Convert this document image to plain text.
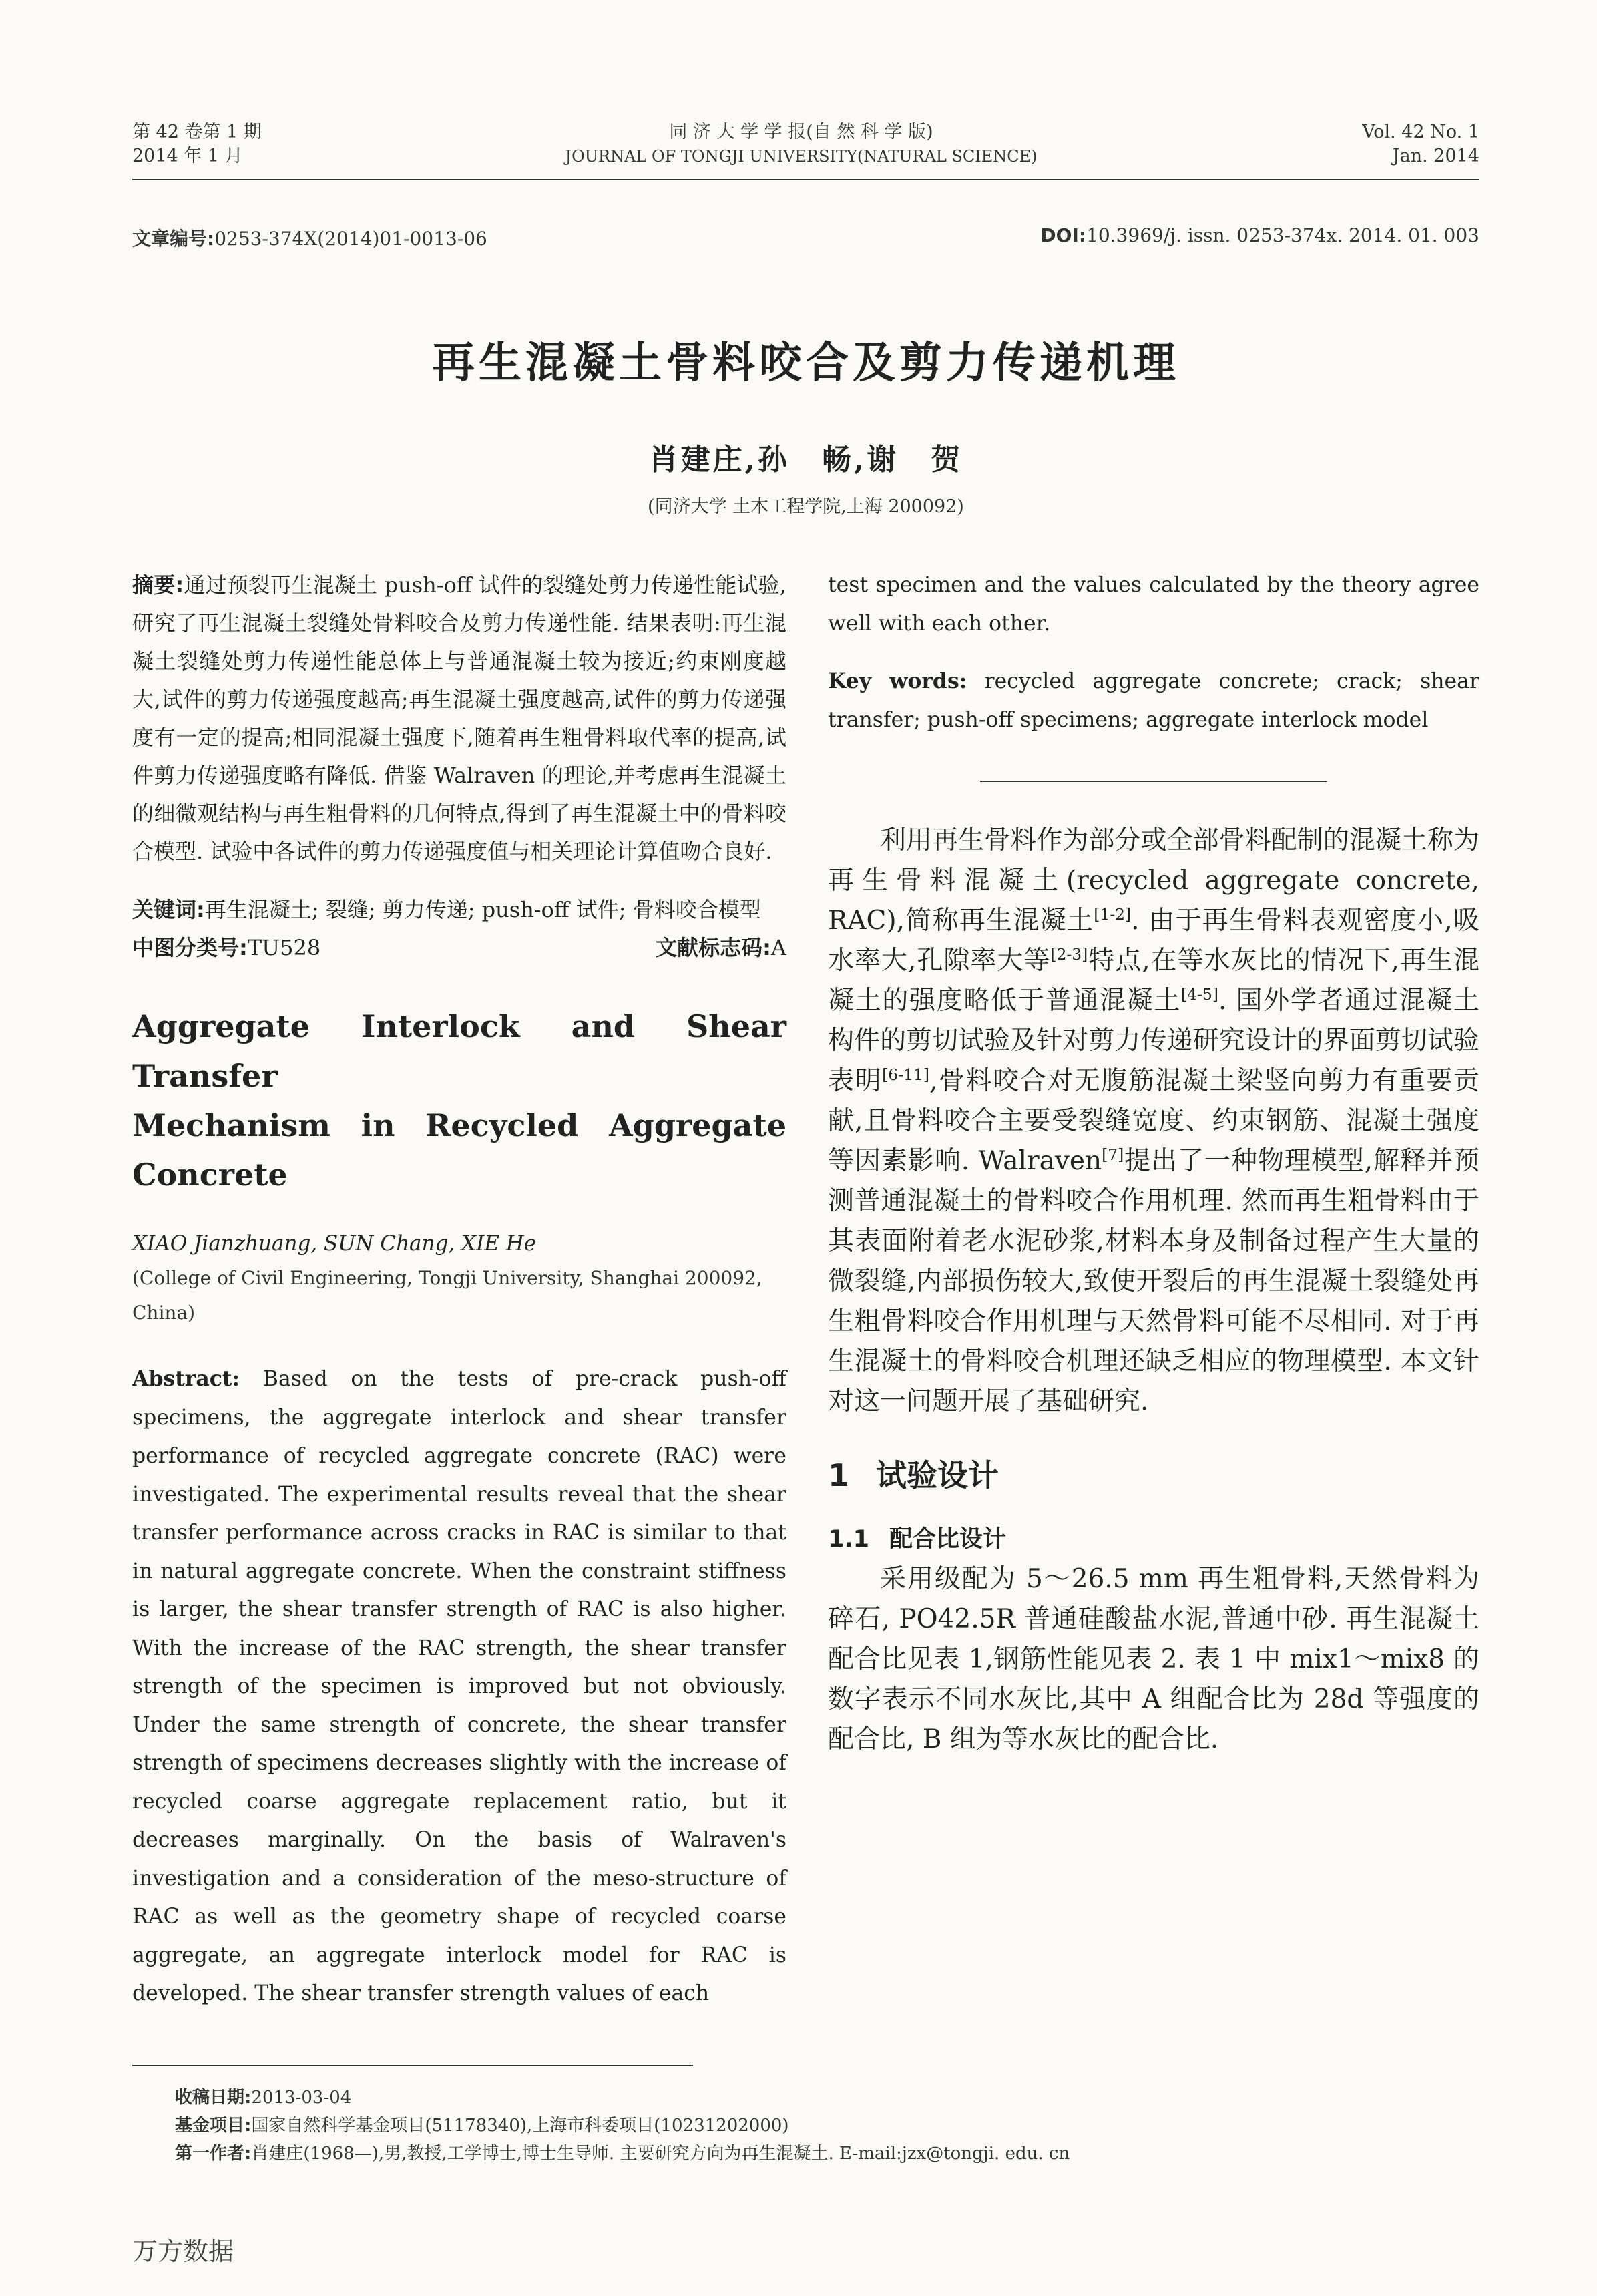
第 42 卷第 1 期
2014 年 1 月
同 济 大 学 学 报(自 然 科 学 版)
JOURNAL OF TONGJI UNIVERSITY(NATURAL SCIENCE)
Vol. 42 No. 1
Jan. 2014
文章编号:0253-374X(2014)01-0013-06	DOI:10.3969/j. issn. 0253-374x. 2014. 01. 003
再生混凝土骨料咬合及剪力传递机理
肖建庄,孙　畅,谢　贺
(同济大学 土木工程学院,上海 200092)
摘要:通过预裂再生混凝土 push-off 试件的裂缝处剪力传递性能试验,研究了再生混凝土裂缝处骨料咬合及剪力传递性能. 结果表明:再生混凝土裂缝处剪力传递性能总体上与普通混凝土较为接近;约束刚度越大,试件的剪力传递强度越高;再生混凝土强度越高,试件的剪力传递强度有一定的提高;相同混凝土强度下,随着再生粗骨料取代率的提高,试件剪力传递强度略有降低. 借鉴 Walraven 的理论,并考虑再生混凝土的细微观结构与再生粗骨料的几何特点,得到了再生混凝土中的骨料咬合模型. 试验中各试件的剪力传递强度值与相关理论计算值吻合良好.
关键词:再生混凝土; 裂缝; 剪力传递; push-off 试件; 骨料咬合模型
中图分类号:TU528	文献标志码:A
Aggregate Interlock and Shear Transfer
Mechanism in Recycled Aggregate Concrete
XIAO Jianzhuang, SUN Chang, XIE He
(College of Civil Engineering, Tongji University, Shanghai 200092, China)
Abstract: Based on the tests of pre-crack push-off specimens, the aggregate interlock and shear transfer performance of recycled aggregate concrete (RAC) were investigated. The experimental results reveal that the shear transfer performance across cracks in RAC is similar to that in natural aggregate concrete. When the constraint stiffness is larger, the shear transfer strength of RAC is also higher. With the increase of the RAC strength, the shear transfer strength of the specimen is improved but not obviously. Under the same strength of concrete, the shear transfer strength of specimens decreases slightly with the increase of recycled coarse aggregate replacement ratio, but it decreases marginally. On the basis of Walraven's investigation and a consideration of the meso-structure of RAC as well as the geometry shape of recycled coarse aggregate, an aggregate interlock model for RAC is developed. The shear transfer strength values of each
test specimen and the values calculated by the theory agree well with each other.
Key words: recycled aggregate concrete; crack; shear transfer; push-off specimens; aggregate interlock model
利用再生骨料作为部分或全部骨料配制的混凝土称为再生骨料混凝土(recycled aggregate concrete, RAC),简称再生混凝土[1-2]. 由于再生骨料表观密度小,吸水率大,孔隙率大等[2-3]特点,在等水灰比的情况下,再生混凝土的强度略低于普通混凝土[4-5]. 国外学者通过混凝土构件的剪切试验及针对剪力传递研究设计的界面剪切试验表明[6-11],骨料咬合对无腹筋混凝土梁竖向剪力有重要贡献,且骨料咬合主要受裂缝宽度、约束钢筋、混凝土强度等因素影响. Walraven[7]提出了一种物理模型,解释并预测普通混凝土的骨料咬合作用机理. 然而再生粗骨料由于其表面附着老水泥砂浆,材料本身及制备过程产生大量的微裂缝,内部损伤较大,致使开裂后的再生混凝土裂缝处再生粗骨料咬合作用机理与天然骨料可能不尽相同. 对于再生混凝土的骨料咬合机理还缺乏相应的物理模型. 本文针对这一问题开展了基础研究.
1 试验设计
1.1 配合比设计
采用级配为 5～26.5 mm 再生粗骨料,天然骨料为碎石, PO42.5R 普通硅酸盐水泥,普通中砂. 再生混凝土配合比见表 1,钢筋性能见表 2. 表 1 中 mix1～mix8 的数字表示不同水灰比,其中 A 组配合比为 28d 等强度的配合比, B 组为等水灰比的配合比.
收稿日期:2013-03-04
基金项目:国家自然科学基金项目(51178340),上海市科委项目(10231202000)
第一作者:肖建庄(1968—),男,教授,工学博士,博士生导师. 主要研究方向为再生混凝土. E-mail:jzx@tongji. edu. cn
万方数据
